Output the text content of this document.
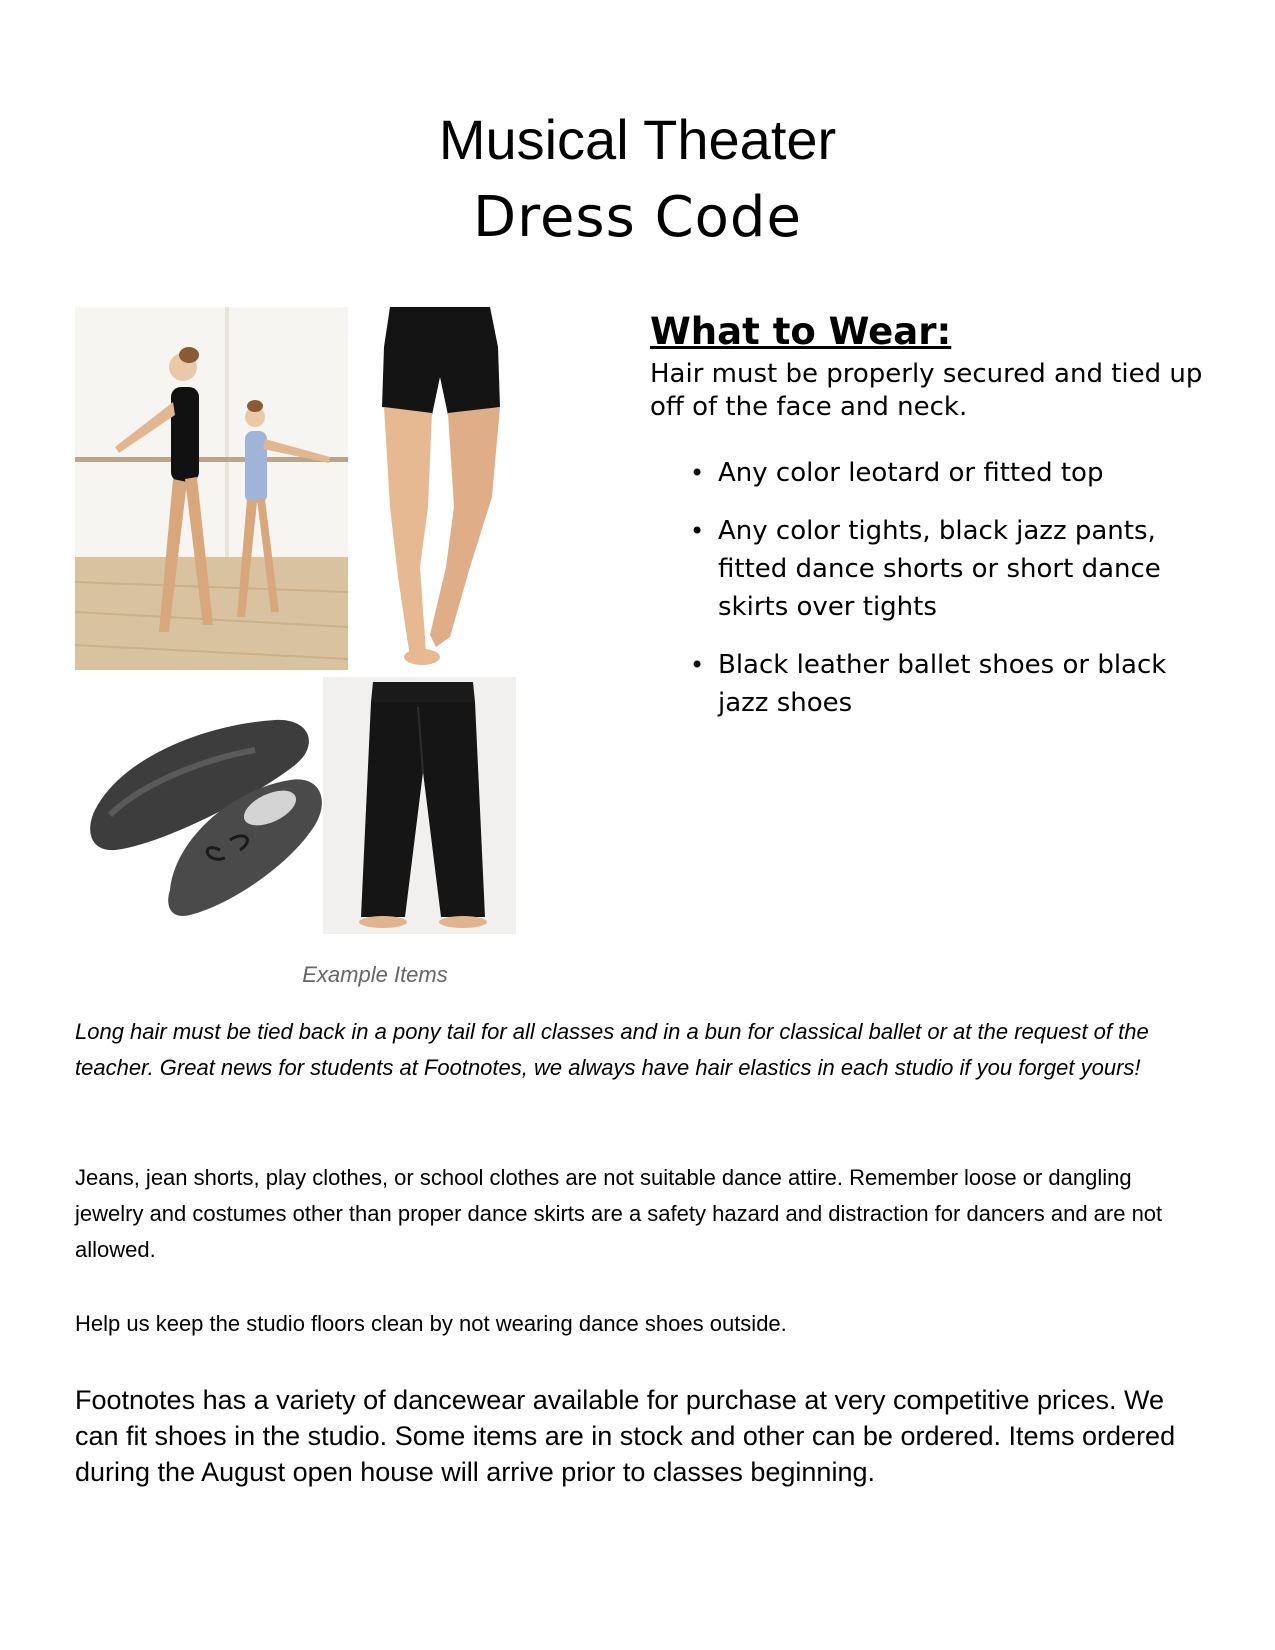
Musical Theater
Dress Code
Example Items
What to Wear:

Hair must be properly secured and tied up off of the face and neck.

• Any color leotard or fitted top
• Any color tights, black jazz pants, fitted dance shorts or short dance skirts over tights
• Black leather ballet shoes or black jazz shoes

Long hair must be tied back in a pony tail for all classes and in a bun for classical ballet or at the request of the teacher. Great news for students at Footnotes, we always have hair elastics in each studio if you forget yours!

Jeans, jean shorts, play clothes, or school clothes are not suitable dance attire. Remember loose or dangling jewelry and costumes other than proper dance skirts are a safety hazard and distraction for dancers and are not allowed.

Help us keep the studio floors clean by not wearing dance shoes outside.

Footnotes has a variety of dancewear available for purchase at very competitive prices. We can fit shoes in the studio. Some items are in stock and other can be ordered. Items ordered during the August open house will arrive prior to classes beginning.
